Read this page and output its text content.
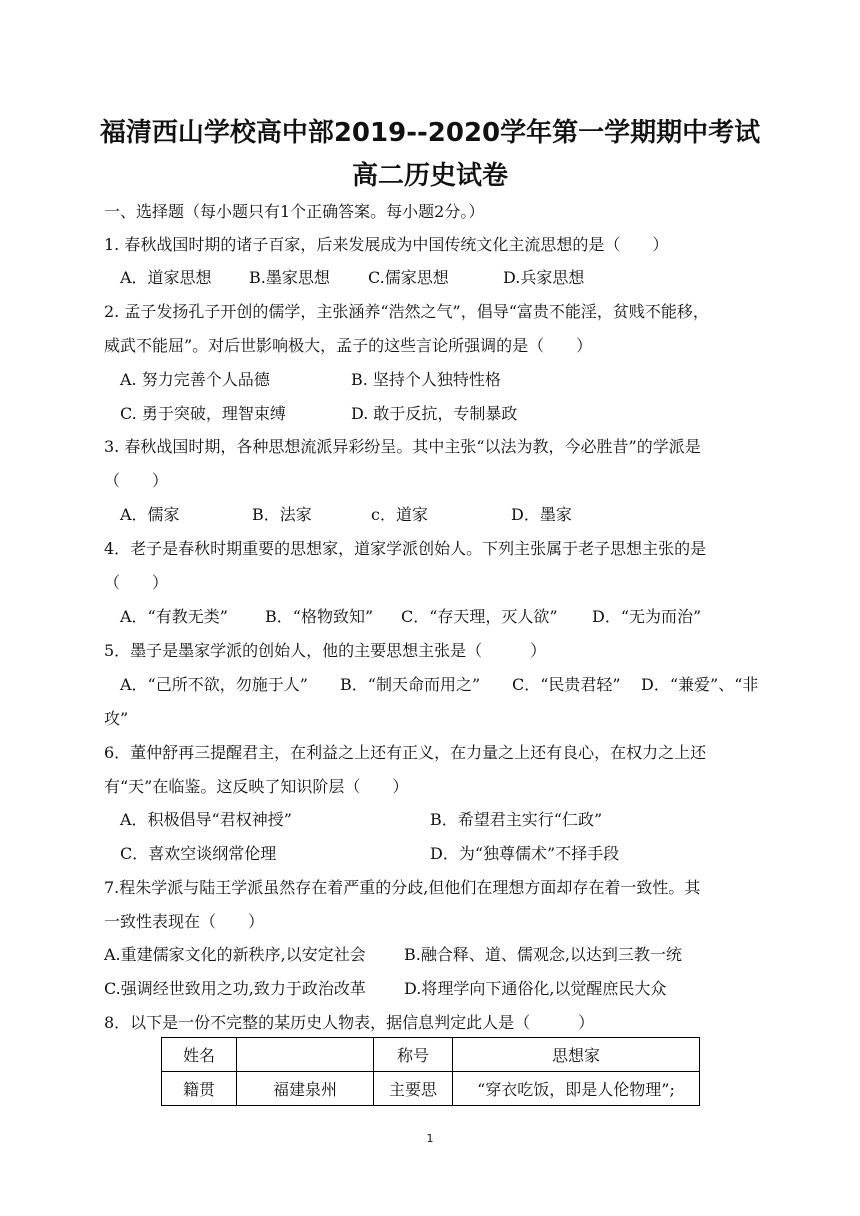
福清西山学校高中部2019--2020学年第一学期期中考试
高二历史试卷
一、选择题（每小题只有1个正确答案。每小题2分。）
1. 春秋战国时期的诸子百家，后来发展成为中国传统文化主流思想的是（　　）
A．道家思想 B.墨家思想 C.儒家思想	D.兵家思想
2. 孟子发扬孔子开创的儒学，主张涵养“浩然之气”，倡导“富贵不能淫，贫贱不能移，
威武不能屈”。对后世影响极大，孟子的这些言论所强调的是（　　）
A. 努力完善个人品德	B. 坚持个人独特性格
C. 勇于突破，理智束缚	D. 敢于反抗，专制暴政
3. 春秋战国时期，各种思想流派异彩纷呈。其中主张“以法为教，今必胜昔”的学派是
（　　）
A．儒家	B．法家	c．道家	D．墨家
4．老子是春秋时期重要的思想家，道家学派创始人。下列主张属于老子思想主张的是
（　　）
A．“有教无类” B．“格物致知” C．“存天理，灭人欲” D．“无为而治”
5．墨子是墨家学派的创始人，他的主要思想主张是（　　　）
A．“己所不欲，勿施于人” B．“制天命而用之” C．“民贵君轻” D．“兼爱”、“非
攻”
6．董仲舒再三提醒君主，在利益之上还有正义，在力量之上还有良心，在权力之上还
有“天”在临鉴。这反映了知识阶层（　　）
A．积极倡导“君权神授”	B．希望君主实行“仁政”
C．喜欢空谈纲常伦理	D．为“独尊儒术”不择手段
7.程朱学派与陆王学派虽然存在着严重的分歧,但他们在理想方面却存在着一致性。其
一致性表现在（　　）
A.重建儒家文化的新秩序,以安定社会 B.融合释、道、儒观念,以达到三教一统
C.强调经世致用之功,致力于政治改革 D.将理学向下通俗化,以觉醒庶民大众
8．以下是一份不完整的某历史人物表，据信息判定此人是（　　　）
姓名		称号	思想家
籍贯	福建泉州	主要思	“穿衣吃饭，即是人伦物理”;
1
